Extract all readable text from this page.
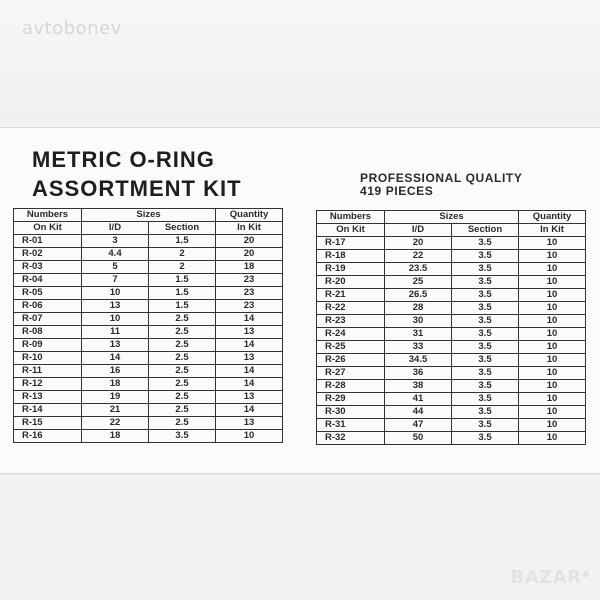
avtobonev
METRIC O-RING
ASSORTMENT KIT	PROFESSIONAL QUALITY
419 PIECES
Numbers	Sizes		Quantity
On Kit	I/D	Section	In Kit
R-01	3	1.5	20
R-02	4.4	2	20
R-03	5	2	18
R-04	7	1.5	23
R-05	10	1.5	23
R-06	13	1.5	23
R-07	10	2.5	14
R-08	11	2.5	13
R-09	13	2.5	14
R-10	14	2.5	13
R-11	16	2.5	14
R-12	18	2.5	14
R-13	19	2.5	13
R-14	21	2.5	14
R-15	22	2.5	13
R-16	18	3.5	10
Numbers	Sizes		Quantity
On Kit	I/D	Section	In Kit
R-17	20	3.5	10
R-18	22	3.5	10
R-19	23.5	3.5	10
R-20	25	3.5	10
R-21	26.5	3.5	10
R-22	28	3.5	10
R-23	30	3.5	10
R-24	31	3.5	10
R-25	33	3.5	10
R-26	34.5	3.5	10
R-27	36	3.5	10
R-28	38	3.5	10
R-29	41	3.5	10
R-30	44	3.5	10
R-31	47	3.5	10
R-32	50	3.5	10
BAZAR●
